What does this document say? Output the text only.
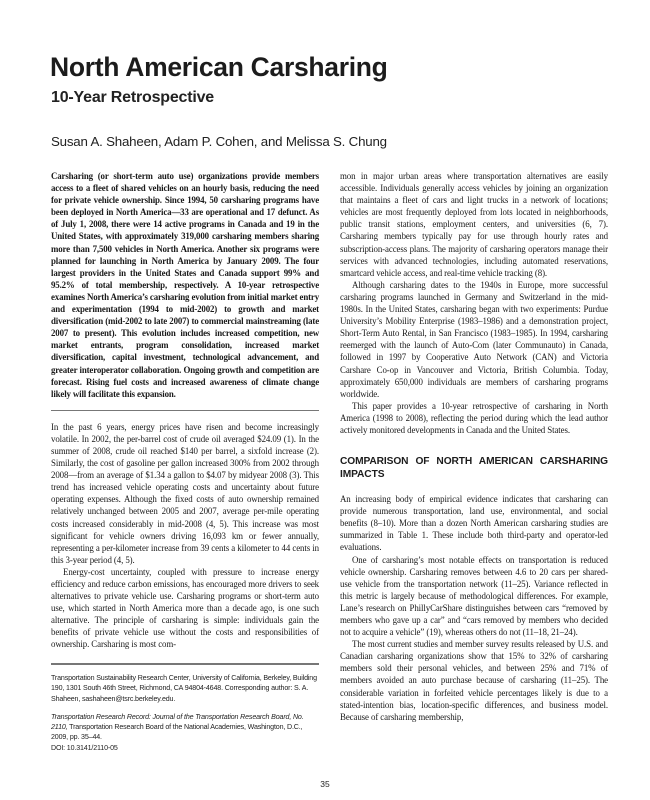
North American Carsharing
10-Year Retrospective

Susan A. Shaheen, Adam P. Cohen, and Melissa S. Chung

Carsharing (or short-term auto use) organizations provide members access to a fleet of shared vehicles on an hourly basis, reducing the need for private vehicle ownership. Since 1994, 50 carsharing programs have been deployed in North America—33 are operational and 17 defunct. As of July 1, 2008, there were 14 active programs in Canada and 19 in the United States, with approximately 319,000 carsharing members sharing more than 7,500 vehicles in North America. Another six programs were planned for launching in North America by January 2009. The four largest providers in the United States and Canada support 99% and 95.2% of total membership, respectively. A 10-year retrospective examines North America’s carsharing evolution from initial market entry and experimentation (1994 to mid-2002) to growth and market diversification (mid-2002 to late 2007) to commercial mainstreaming (late 2007 to present). This evolution includes increased competition, new market entrants, program consolidation, increased market diversification, capital investment, technological advancement, and greater interoperator collaboration. Ongoing growth and competition are forecast. Rising fuel costs and increased awareness of climate change likely will facilitate this expansion.

In the past 6 years, energy prices have risen and become increasingly volatile. In 2002, the per-barrel cost of crude oil averaged $24.09 (1). In the summer of 2008, crude oil reached $140 per barrel, a sixfold increase (2). Similarly, the cost of gasoline per gallon increased 300% from 2002 through 2008—from an average of $1.34 a gallon to $4.07 by midyear 2008 (3). This trend has increased vehicle operating costs and uncertainty about future operating expenses. Although the fixed costs of auto ownership remained relatively unchanged between 2005 and 2007, average per-mile operating costs increased considerably in mid-2008 (4, 5). This increase was most significant for vehicle owners driving 16,093 km or fewer annually, representing a per-kilometer increase from 39 cents a kilometer to 44 cents in this 3-year period (4, 5).

Energy-cost uncertainty, coupled with pressure to increase energy efficiency and reduce carbon emissions, has encouraged more drivers to seek alternatives to private vehicle use. Carsharing programs or short-term auto use, which started in North America more than a decade ago, is one such alternative. The principle of carsharing is simple: individuals gain the benefits of private vehicle use without the costs and responsibilities of ownership. Carsharing is most com-

Transportation Sustainability Research Center, University of California, Berkeley, Building 190, 1301 South 46th Street, Richmond, CA 94804-4648. Corresponding author: S. A. Shaheen, sashaheen@tsrc.berkeley.edu.

Transportation Research Record: Journal of the Transportation Research Board, No. 2110, Transportation Research Board of the National Academies, Washington, D.C., 2009, pp. 35–44.

DOI: 10.3141/2110-05

mon in major urban areas where transportation alternatives are easily accessible. Individuals generally access vehicles by joining an organization that maintains a fleet of cars and light trucks in a network of locations; vehicles are most frequently deployed from lots located in neighborhoods, public transit stations, employment centers, and universities (6, 7). Carsharing members typically pay for use through hourly rates and subscription-access plans. The majority of carsharing operators manage their services with advanced technologies, including automated reservations, smartcard vehicle access, and real-time vehicle tracking (8).

Although carsharing dates to the 1940s in Europe, more successful carsharing programs launched in Germany and Switzerland in the mid-1980s. In the United States, carsharing began with two experiments: Purdue University’s Mobility Enterprise (1983–1986) and a demonstration project, Short-Term Auto Rental, in San Francisco (1983–1985). In 1994, carsharing reemerged with the launch of Auto-Com (later Communauto) in Canada, followed in 1997 by Cooperative Auto Network (CAN) and Victoria Carshare Co-op in Vancouver and Victoria, British Columbia. Today, approximately 650,000 individuals are members of carsharing programs worldwide.

This paper provides a 10-year retrospective of carsharing in North America (1998 to 2008), reflecting the period during which the lead author actively monitored developments in Canada and the United States.

COMPARISON OF NORTH AMERICAN CARSHARING IMPACTS

An increasing body of empirical evidence indicates that carsharing can provide numerous transportation, land use, environmental, and social benefits (8–10). More than a dozen North American carsharing studies are summarized in Table 1. These include both third-party and operator-led evaluations.

One of carsharing’s most notable effects on transportation is reduced vehicle ownership. Carsharing removes between 4.6 to 20 cars per shared-use vehicle from the transportation network (11–25). Variance reflected in this metric is largely because of methodological differences. For example, Lane’s research on PhillyCarShare distinguishes between cars “removed by members who gave up a car” and “cars removed by members who decided not to acquire a vehicle” (19), whereas others do not (11–18, 21–24).

The most current studies and member survey results released by U.S. and Canadian carsharing organizations show that 15% to 32% of carsharing members sold their personal vehicles, and between 25% and 71% of members avoided an auto purchase because of carsharing (11–25). The considerable variation in forfeited vehicle percentages likely is due to a stated-intention bias, location-specific differences, and business model. Because of carsharing membership,

35
